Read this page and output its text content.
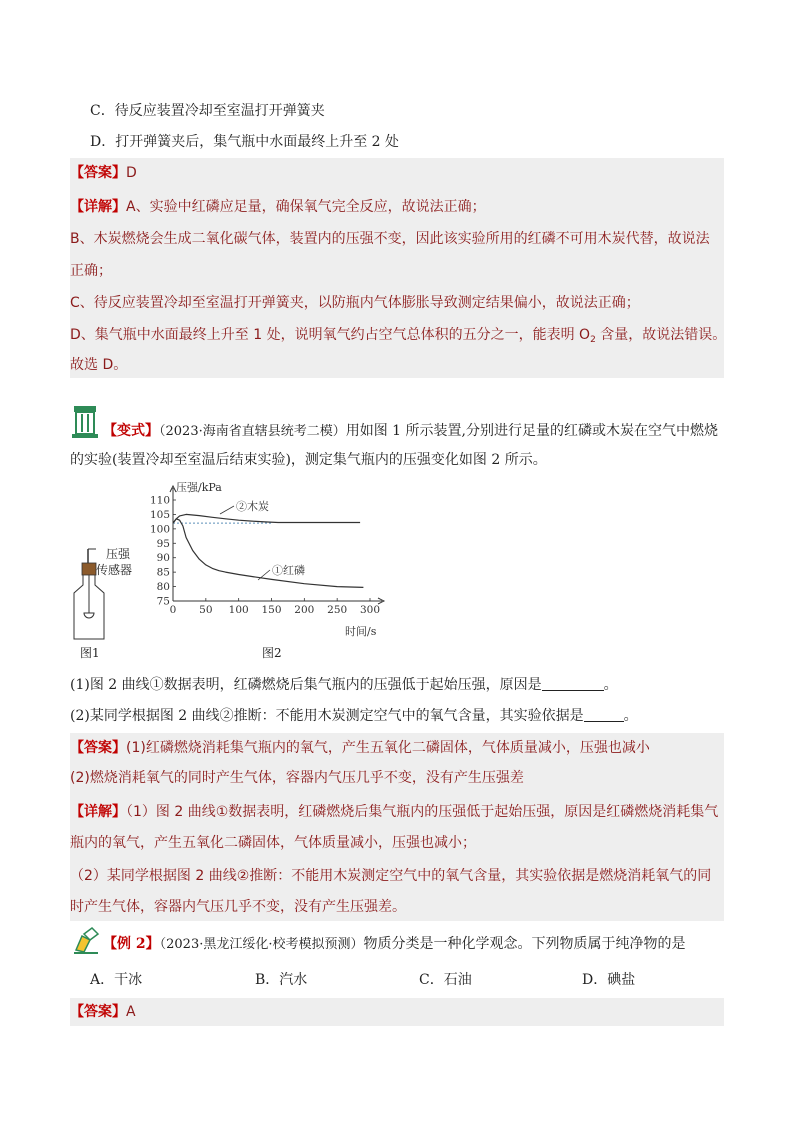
C．待反应装置冷却至室温打开弹簧夹
D．打开弹簧夹后，集气瓶中水面最终上升至 2 处
【答案】D
【详解】A、实验中红磷应足量，确保氧气完全反应，故说法正确；
B、木炭燃烧会生成二氧化碳气体，装置内的压强不变，因此该实验所用的红磷不可用木炭代替，故说法
正确；
C、待反应装置冷却至室温打开弹簧夹，以防瓶内气体膨胀导致测定结果偏小，故说法正确；
D、集气瓶中水面最终上升至 1 处，说明氧气约占空气总体积的五分之一，能表明 $O_2$ 含量，故说法错误。
故选 D。
【变式】（2023·海南省直辖县统考二模）用如图 1 所示装置,分别进行足量的红磷或木炭在空气中燃烧
的实验(装置冷却至室温后结束实验)，测定集气瓶内的压强变化如图 2 所示。
压强
传感器
图1
75
80
85
90
95
100
105
110
0 50 100 150 200 250 300
压强/kPa
时间/s
②木炭
①红磷
图2
(1)图 2 曲线①数据表明，红磷燃烧后集气瓶内的压强低于起始压强，原因是	。
(2)某同学根据图 2 曲线②推断：不能用木炭测定空气中的氧气含量，其实验依据是	。
【答案】(1)红磷燃烧消耗集气瓶内的氧气，产生五氧化二磷固体，气体质量减小，压强也减小
(2)燃烧消耗氧气的同时产生气体，容器内气压几乎不变，没有产生压强差
【详解】（1）图 2 曲线①数据表明，红磷燃烧后集气瓶内的压强低于起始压强，原因是红磷燃烧消耗集气
瓶内的氧气，产生五氧化二磷固体，气体质量减小，压强也减小；
（2）某同学根据图 2 曲线②推断：不能用木炭测定空气中的氧气含量，其实验依据是燃烧消耗氧气的同
时产生气体，容器内气压几乎不变，没有产生压强差。
【例 2】（2023·黑龙江绥化·校考模拟预测）物质分类是一种化学观念。下列物质属于纯净物的是
A．干冰	B．汽水	C．石油	D．碘盐
【答案】A
